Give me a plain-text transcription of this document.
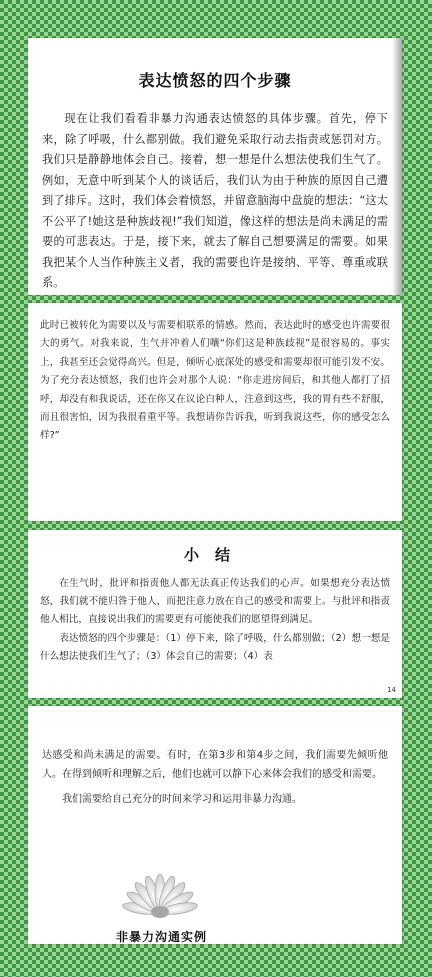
表达愤怒的四个步骤

现在让我们看看非暴力沟通表达愤怒的具体步骤。首先，停下来，除了呼吸，什么都别做。我们避免采取行动去指责或惩罚对方。我们只是静静地体会自己。接着，想一想是什么想法使我们生气了。例如，无意中听到某个人的谈话后，我们认为由于种族的原因自己遭到了排斥。这时，我们体会着愤怒，并留意脑海中盘旋的想法：“这太不公平了!她这是种族歧视!”我们知道，像这样的想法是尚未满足的需要的可悲表达。于是，接下来，就去了解自己想要满足的需要。如果我把某个人当作种族主义者，我的需要也许是接纳、平等、尊重或联系。

此时已被转化为需要以及与需要相联系的情感。然而，表达此时的感受也许需要很大的勇气。对我来说，生气并冲着人们嚷“你们这是种族歧视”是很容易的。事实上，我甚至还会觉得高兴。但是，倾听心底深处的感受和需要却很可能引发不安。为了充分表达愤怒，我们也许会对那个人说：“你走进房间后，和其他人都打了招呼，却没有和我说话，还在你又在议论白种人，注意到这些，我的胃有些不舒服，而且很害怕，因为我很看重平等。我想请你告诉我，听到我说这些，你的感受怎么样?”

小结

在生气时，批评和指责他人都无法真正传达我们的心声。如果想充分表达愤怒，我们就不能归咎于他人，而把注意力放在自己的感受和需要上。与批评和指责他人相比，直接说出我们的需要更有可能使我们的愿望得到满足。

表达愤怒的四个步骤是：（1）停下来，除了呼吸，什么都别做；（2）想一想是什么想法使我们生气了；（3）体会自己的需要；（4）表

14

达感受和尚未满足的需要。有时，在第3步和第4步之间，我们需要先倾听他人。在得到倾听和理解之后，他们也就可以静下心来体会我们的感受和需要。

我们需要给自己充分的时间来学习和运用非暴力沟通。

非暴力沟通实例
